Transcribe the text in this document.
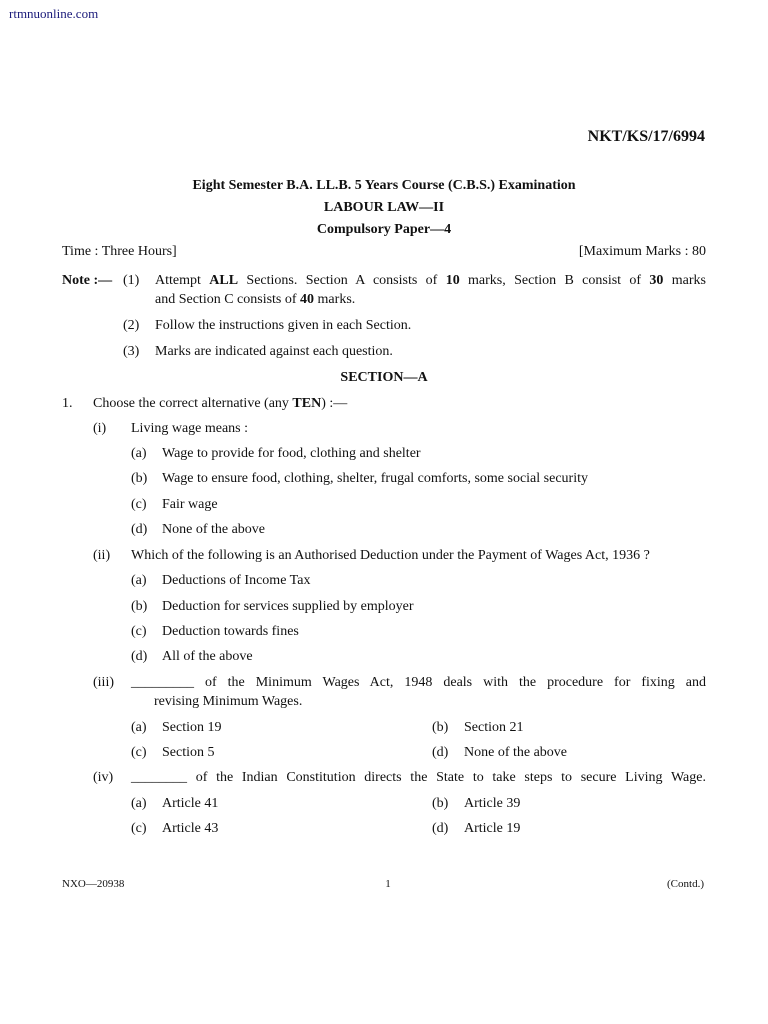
rtmnuonline.com
NKT/KS/17/6994
Eight Semester B.A. LL.B. 5 Years Course (C.B.S.) Examination
LABOUR LAW—II
Compulsory Paper—4
Time : Three Hours]	[Maximum Marks : 80
Note :— (1) Attempt ALL Sections. Section A consists of 10 marks, Section B consist of 30 marks
and Section C consists of 40 marks.
(2) Follow the instructions given in each Section.
(3) Marks are indicated against each question.
SECTION—A
1. Choose the correct alternative (any TEN) :—
(i) Living wage means :
(a) Wage to provide for food, clothing and shelter
(b) Wage to ensure food, clothing, shelter, frugal comforts, some social security
(c) Fair wage
(d) None of the above
(ii) Which of the following is an Authorised Deduction under the Payment of Wages Act, 1936 ?
(a) Deductions of Income Tax
(b) Deduction for services supplied by employer
(c) Deduction towards fines
(d) All of the above
(iii) _________ of the Minimum Wages Act, 1948 deals with the procedure for fixing and
revising Minimum Wages.
(a) Section 19	(b) Section 21
(c) Section 5	(d) None of the above
(iv) ________ of the Indian Constitution directs the State to take steps to secure Living Wage.
(a) Article 41	(b) Article 39
(c) Article 43	(d) Article 19
NXO—20938	1	(Contd.)
